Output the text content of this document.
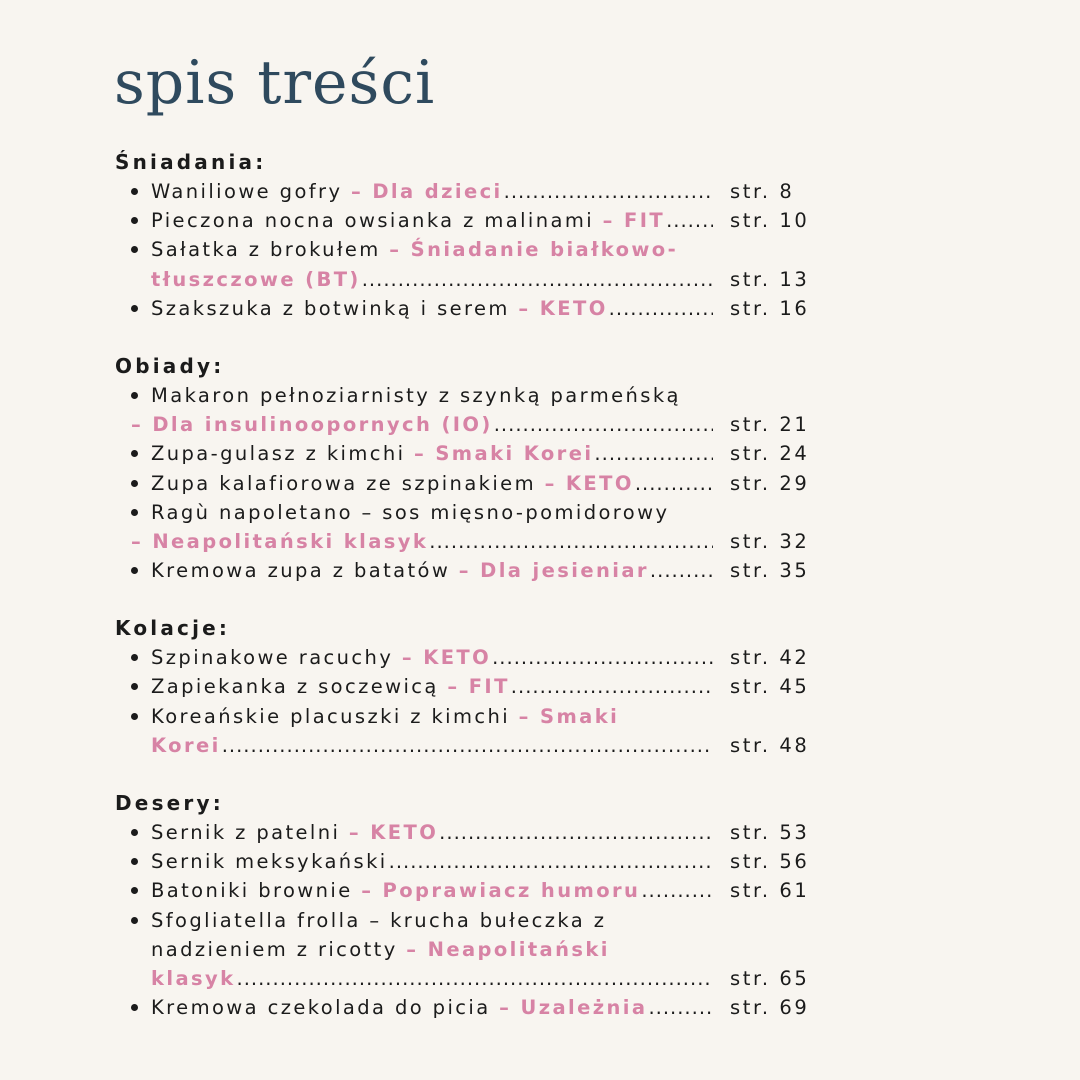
spis treści
Śniadania:
Waniliowe gofry – Dla dzieci .....	str. 8
Pieczona nocna owsianka z malinami – FIT .....	str. 10
Sałatka z brokułem – Śniadanie białkowo-
tłuszczowe (BT) .....	str. 13
Szakszuka z botwinką i serem – KETO .....	str. 16
Obiady:
Makaron pełnoziarnisty z szynką parmeńską
– Dla insulinoopornych (IO) .....	str. 21
Zupa-gulasz z kimchi – Smaki Korei .....	str. 24
Zupa kalafiorowa ze szpinakiem – KETO .....	str. 29
Ragù napoletano – sos mięsno-pomidorowy
– Neapolitański klasyk .....	str. 32
Kremowa zupa z batatów – Dla jesieniar .....	str. 35
Kolacje:
Szpinakowe racuchy – KETO .....	str. 42
Zapiekanka z soczewicą – FIT .....	str. 45
Koreańskie placuszki z kimchi – Smaki
Korei .....	str. 48
Desery:
Sernik z patelni – KETO .....	str. 53
Sernik meksykański .....	str. 56
Batoniki brownie – Poprawiacz humoru .....	str. 61
Sfogliatella frolla – krucha bułeczka z
nadzieniem z ricotty – Neapolitański
klasyk .....	str. 65
Kremowa czekolada do picia – Uzależnia .....	str. 69
